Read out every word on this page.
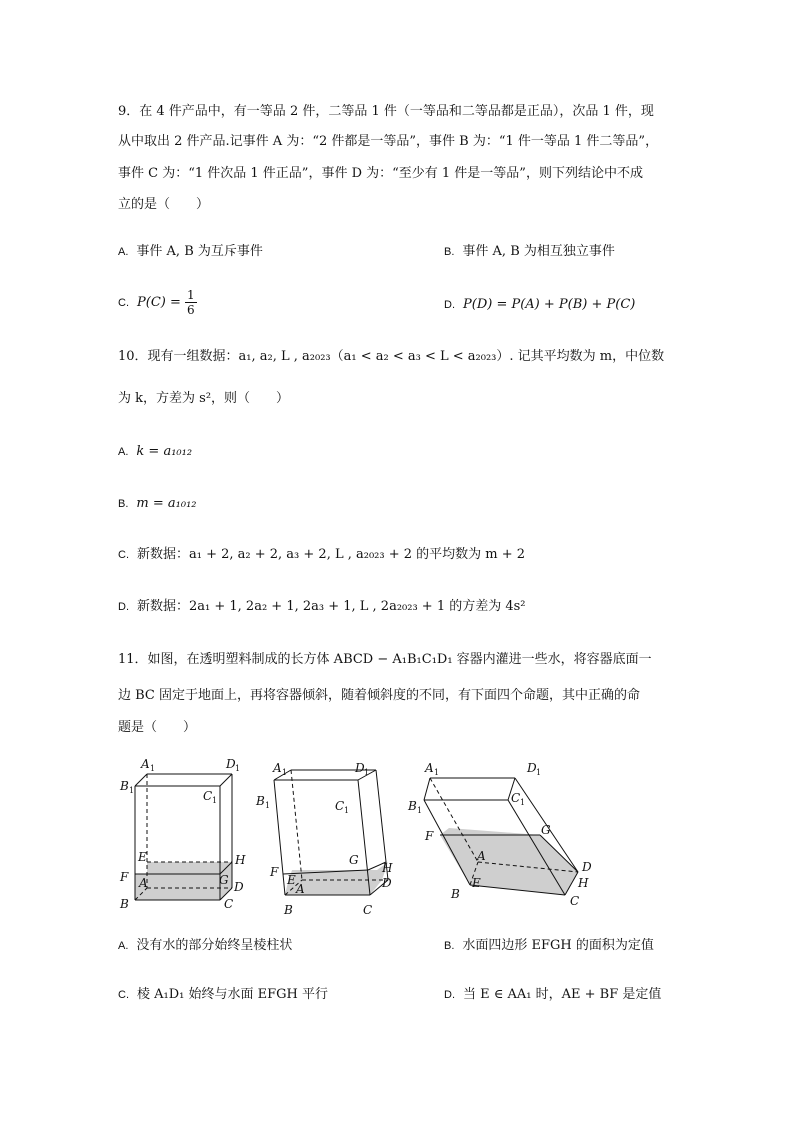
9．在 4 件产品中，有一等品 2 件，二等品 1 件（一等品和二等品都是正品），次品 1 件，现
从中取出 2 件产品.记事件 A 为：“2 件都是一等品”，事件 B 为：“1 件一等品 1 件二等品”，
事件 C 为：“1 件次品 1 件正品”，事件 D 为：“至少有 1 件是一等品”，则下列结论中不成
立的是（　　）
A. 事件 A, B 为互斥事件	B. 事件 A, B 为相互独立事件
C. $P(C) = \frac{1}{6}$	D. P(D) = P(A) + P(B) + P(C)
10．现有一组数据：a₁, a₂, L , a₂₀₂₃（a₁ < a₂ < a₃ < L < a₂₀₂₃）. 记其平均数为 m，中位数
为 k，方差为 s²，则（　　）
A. k = a₁₀₁₂
B. m = a₁₀₁₂
C. 新数据：a₁ + 2, a₂ + 2, a₃ + 2, L , a₂₀₂₃ + 2 的平均数为 m + 2
D. 新数据：2a₁ + 1, 2a₂ + 1, 2a₃ + 1, L , 2a₂₀₂₃ + 1 的方差为 4s²
11．如图，在透明塑料制成的长方体 ABCD − A₁B₁C₁D₁ 容器内灌进一些水，将容器底面一
边 BC 固定于地面上，再将容器倾斜，随着倾斜度的不同，有下面四个命题，其中正确的命
题是（　　）
A 1	D 1
B 1	C 1
E	H
F A	G D
B	C
A 1	D 1
B 1	C 1
G
H
F
E
A	D
B	C
A 1	D 1
B 1
C 1
F	G
A
D
E	H
B	C
A. 没有水的部分始终呈棱柱状	B. 水面四边形 EFGH 的面积为定值
C. 棱 A₁D₁ 始终与水面 EFGH 平行	D. 当 E ∈ AA₁ 时，AE + BF 是定值
